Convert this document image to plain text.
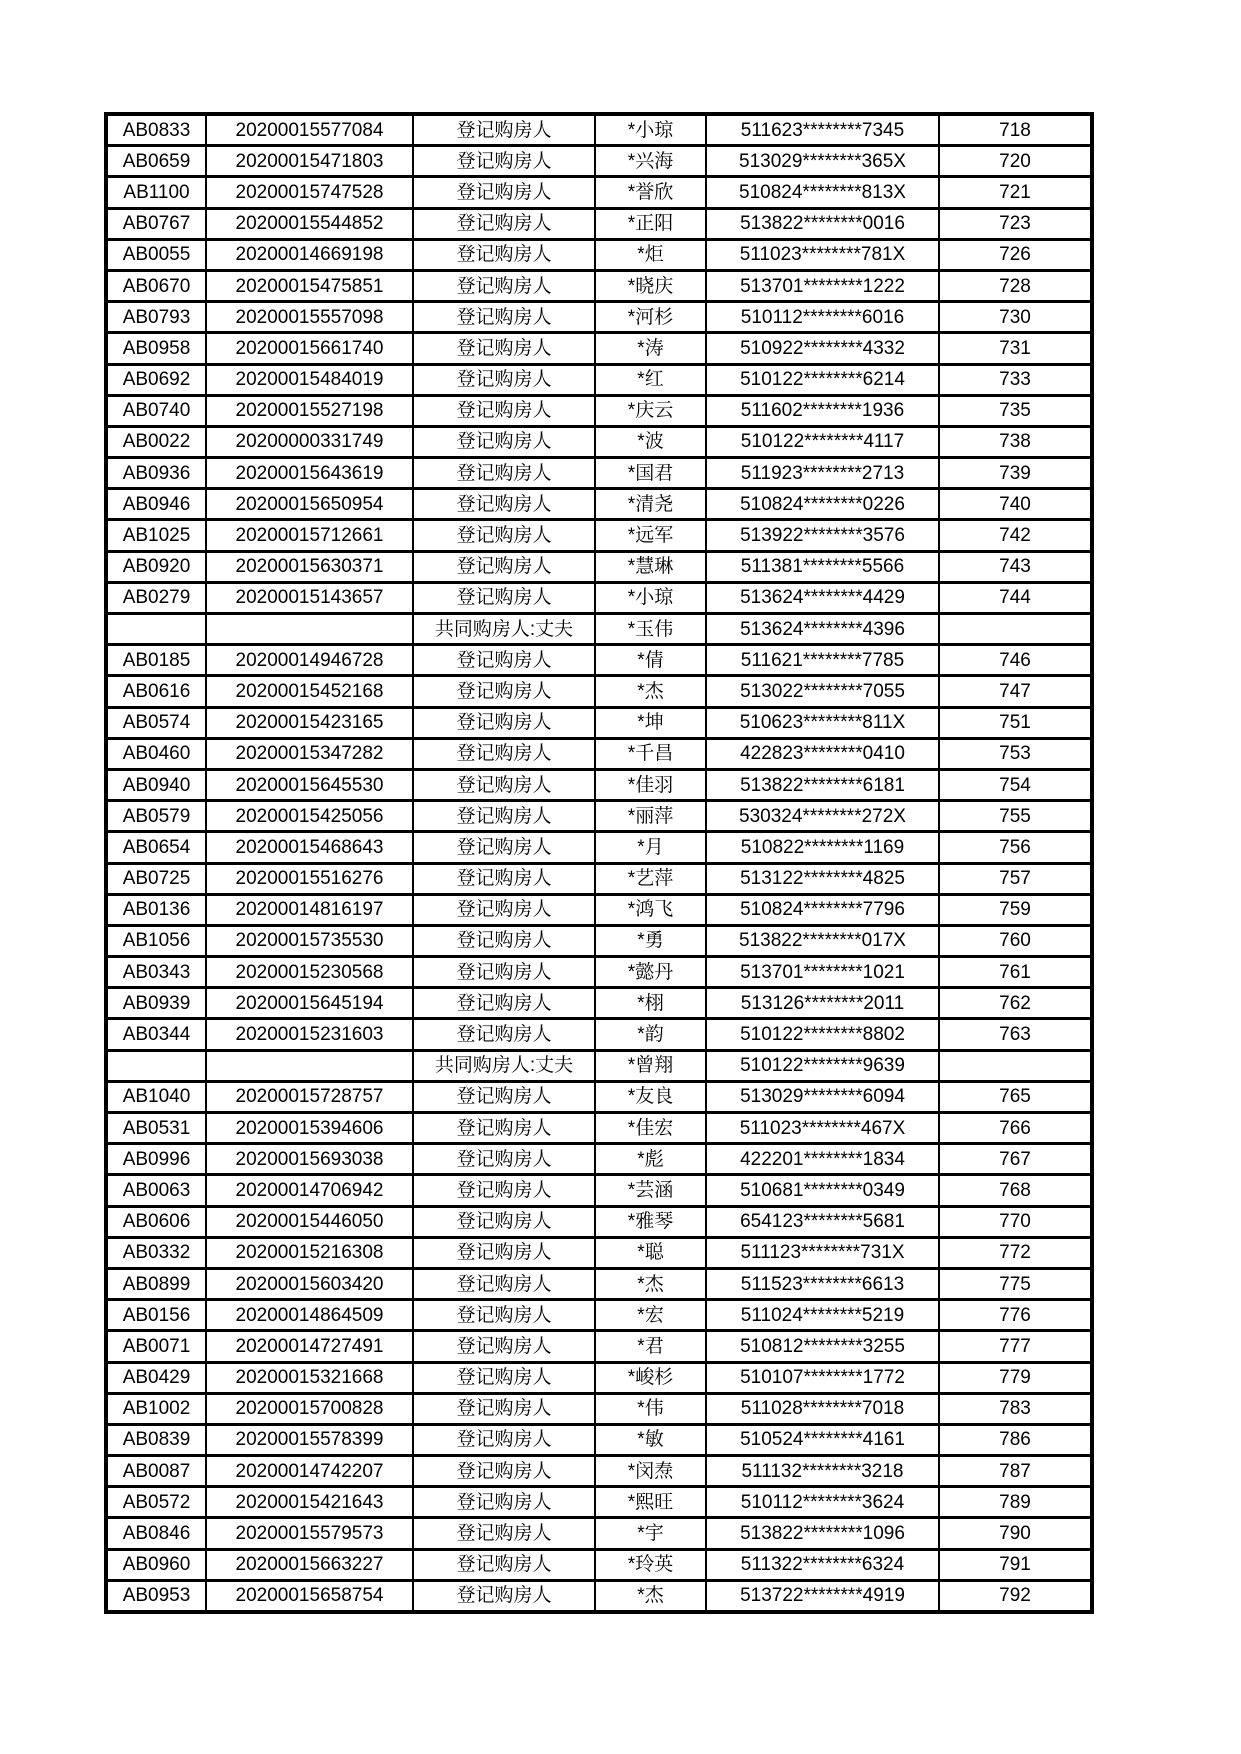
AB0833	20200015577084	登记购房人	*小琼	511623********7345	718
AB0659	20200015471803	登记购房人	*兴海	513029********365X	720
AB1100	20200015747528	登记购房人	*誉欣	510824********813X	721
AB0767	20200015544852	登记购房人	*正阳	513822********0016	723
AB0055	20200014669198	登记购房人	*炬	511023********781X	726
AB0670	20200015475851	登记购房人	*晓庆	513701********1222	728
AB0793	20200015557098	登记购房人	*河杉	510112********6016	730
AB0958	20200015661740	登记购房人	*涛	510922********4332	731
AB0692	20200015484019	登记购房人	*红	510122********6214	733
AB0740	20200015527198	登记购房人	*庆云	511602********1936	735
AB0022	20200000331749	登记购房人	*波	510122********4117	738
AB0936	20200015643619	登记购房人	*国君	511923********2713	739
AB0946	20200015650954	登记购房人	*清尧	510824********0226	740
AB1025	20200015712661	登记购房人	*远军	513922********3576	742
AB0920	20200015630371	登记购房人	*慧琳	511381********5566	743
AB0279	20200015143657	登记购房人	*小琼	513624********4429	744
		共同购房人:丈夫	*玉伟	513624********4396	
AB0185	20200014946728	登记购房人	*倩	511621********7785	746
AB0616	20200015452168	登记购房人	*杰	513022********7055	747
AB0574	20200015423165	登记购房人	*坤	510623********811X	751
AB0460	20200015347282	登记购房人	*千昌	422823********0410	753
AB0940	20200015645530	登记购房人	*佳羽	513822********6181	754
AB0579	20200015425056	登记购房人	*丽萍	530324********272X	755
AB0654	20200015468643	登记购房人	*月	510822********1169	756
AB0725	20200015516276	登记购房人	*艺萍	513122********4825	757
AB0136	20200014816197	登记购房人	*鸿飞	510824********7796	759
AB1056	20200015735530	登记购房人	*勇	513822********017X	760
AB0343	20200015230568	登记购房人	*懿丹	513701********1021	761
AB0939	20200015645194	登记购房人	*栩	513126********2011	762
AB0344	20200015231603	登记购房人	*韵	510122********8802	763
		共同购房人:丈夫	*曾翔	510122********9639	
AB1040	20200015728757	登记购房人	*友良	513029********6094	765
AB0531	20200015394606	登记购房人	*佳宏	511023********467X	766
AB0996	20200015693038	登记购房人	*彪	422201********1834	767
AB0063	20200014706942	登记购房人	*芸涵	510681********0349	768
AB0606	20200015446050	登记购房人	*雅琴	654123********5681	770
AB0332	20200015216308	登记购房人	*聪	511123********731X	772
AB0899	20200015603420	登记购房人	*杰	511523********6613	775
AB0156	20200014864509	登记购房人	*宏	511024********5219	776
AB0071	20200014727491	登记购房人	*君	510812********3255	777
AB0429	20200015321668	登记购房人	*峻杉	510107********1772	779
AB1002	20200015700828	登记购房人	*伟	511028********7018	783
AB0839	20200015578399	登记购房人	*敏	510524********4161	786
AB0087	20200014742207	登记购房人	*闵焘	511132********3218	787
AB0572	20200015421643	登记购房人	*熙旺	510112********3624	789
AB0846	20200015579573	登记购房人	*宇	513822********1096	790
AB0960	20200015663227	登记购房人	*玲英	511322********6324	791
AB0953	20200015658754	登记购房人	*杰	513722********4919	792
